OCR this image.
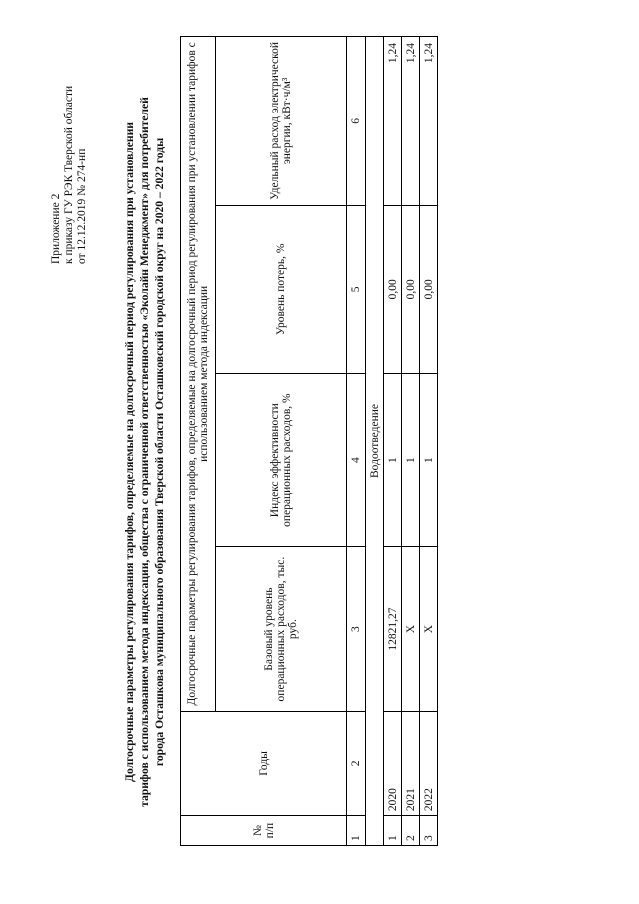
Приложение 2 к приказу ГУ РЭК Тверской области от 12.12.2019 № 274-нп	Долгосрочные параметры регулирования тарифов, определяемые на долгосрочный период регулирования при установлении тарифов с использованием метода индексации, общества с ограниченной ответственностью «Эколайн Менеджмент» для потребителей города Осташкова муниципального образования Тверской области Осташковский городской округ на 2020 – 2022 годы
№ п/п	Годы	Долгосрочные параметры регулирования тарифов, определяемые на долгосрочный период регулирования при установлении тарифов с использованием метода индексации			
		Базовый уровень операционных расходов, тыс. руб.	Индекс эффективности операционных расходов, %	Уровень потерь, %	Удельный расход электрической энергии, кВт·ч/м³
1	2	3	4	5	6
Водоотведение					
1	2020	12821,27	1	0,00	1,24
2	2021	Х	1	0,00	1,24
3	2022	Х	1	0,00	1,24
